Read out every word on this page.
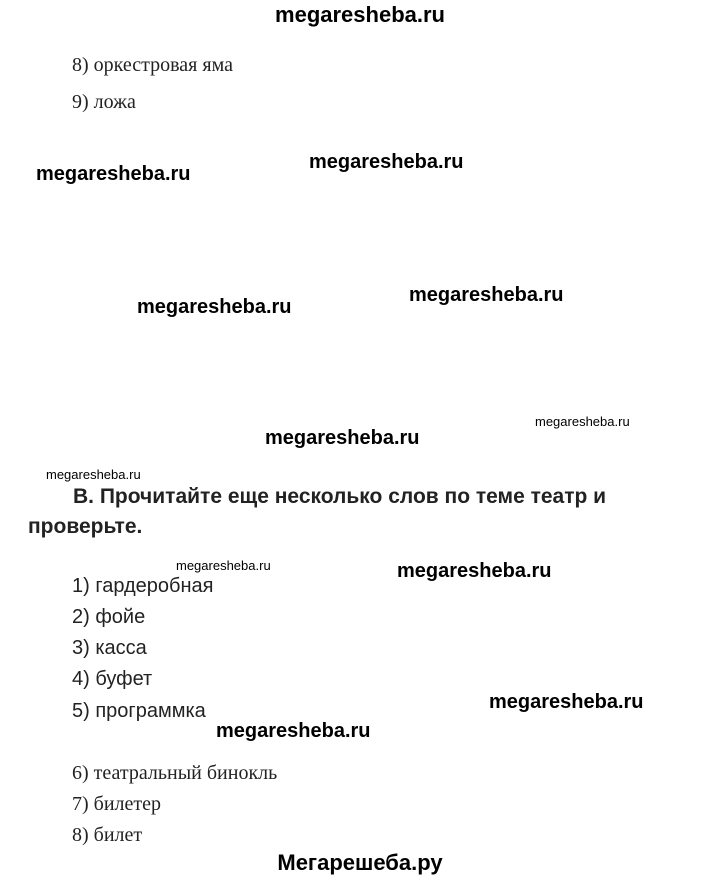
megaresheba.ru
8) оркестровая яма
9) ложа
megaresheba.ru
megaresheba.ru
megaresheba.ru
megaresheba.ru
megaresheba.ru
megaresheba.ru
megaresheba.ru
В. Прочитайте еще несколько слов по теме театр и проверьте.
megaresheba.ru	megaresheba.ru
1) гардеробная
2) фойе
3) касса
4) буфет
5) программка	megaresheba.ru
megaresheba.ru
6) театральный бинокль
7) билетер
8) билет
Мегарешеба.ру
